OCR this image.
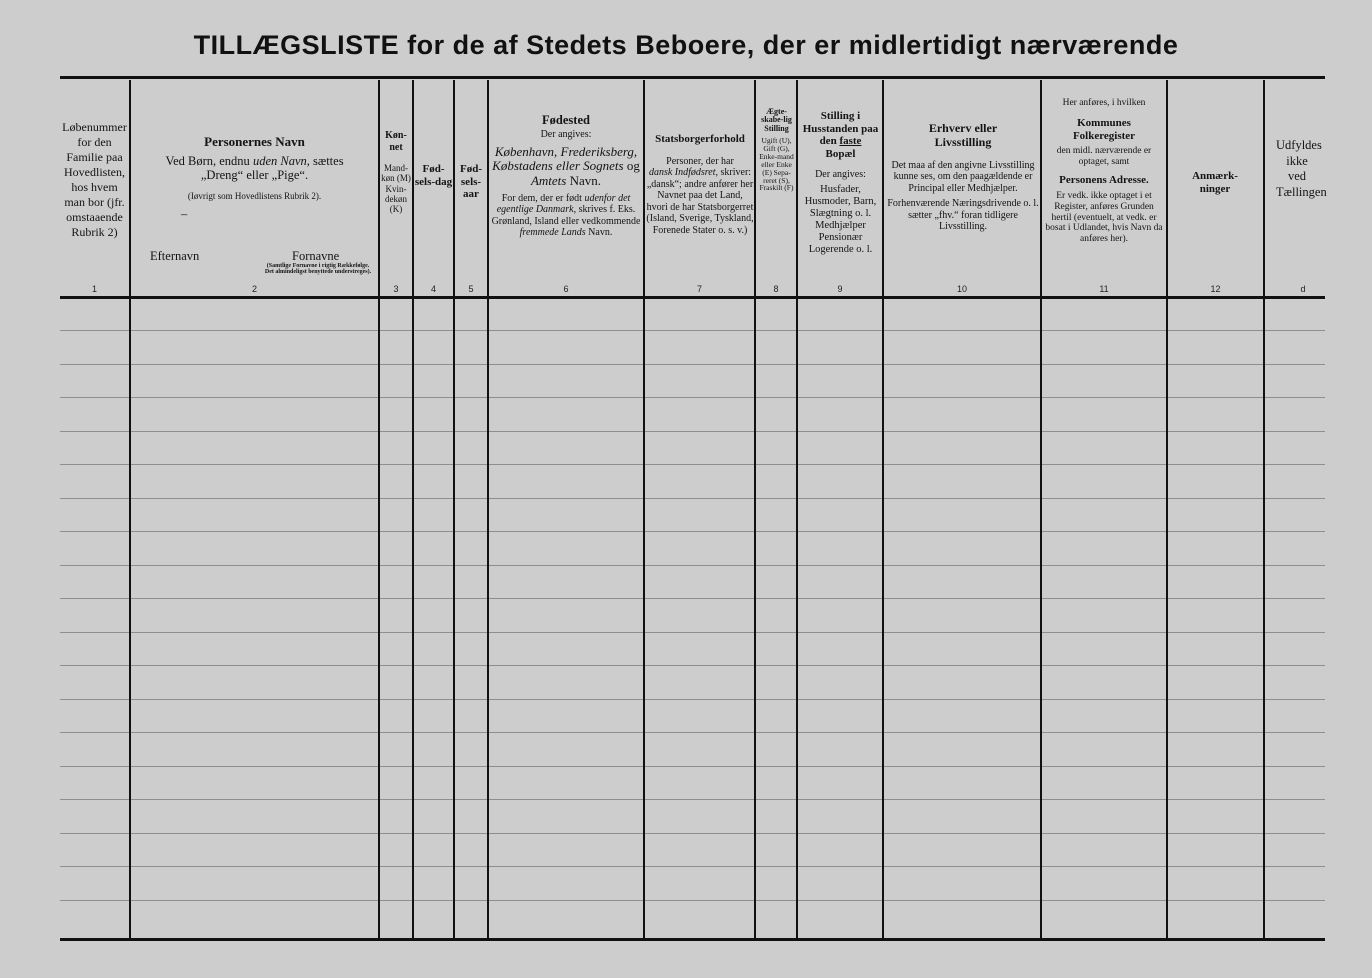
TILLÆGSLISTE for de af Stedets Beboere, der er midlertidigt nærværende
Løbenummer for den Familie paa Hovedlisten, hos hvem man bor (jfr. omstaaende Rubrik 2)
1
Personernes Navn
Ved Børn, endnu uden Navn, sættes
„Dreng“ eller „Pige“.
(Iøvrigt som Hovedlistens Rubrik 2).
–
Efternavn	Fornavne
(Samtlige Fornavne i rigtig Rækkefølge. Det almindeligst benyttede understreges).
2
Køn-net
Mand-køn (M) Kvin-dekøn (K)
3
Fød-sels-dag
4
Fød-sels-aar
5
Fødested
Der angives:
København, Frederiksberg, Købstadens eller Sognets og Amtets Navn.
For dem, der er født udenfor det egentlige Danmark, skrives f. Eks.
Grønland, Island eller vedkommende fremmede Lands Navn.
6
Statsborgerforhold
Personer, der har
dansk Indfødsret, skriver: „dansk“; andre anfører her Navnet paa det Land, hvori de har Statsborgerret (Island, Sverige, Tyskland, Forenede Stater o. s. v.)
7
Ægte-skabe-lig Stilling
Ugift (U), Gift (G), Enke-mand eller Enke (E) Sepa-reret (S), Fraskilt (F)
8
Stilling i Husstanden paa den faste
Bopæl
Der angives:
Husfader, Husmoder, Barn, Slægtning o. l. Medhjælper Pensionær Logerende o. l.
9
Erhverv eller Livsstilling
Det maa af den angivne Livsstilling kunne ses, om den paagældende er Principal eller Medhjælper.
Forhenværende Næringsdrivende o. l. sætter „fhv.“ foran tidligere Livsstilling.
10
Her anføres, i hvilken
Kommunes Folkeregister
den midl. nærværende er optaget, samt
Personens Adresse.
Er vedk. ikke optaget i et Register, anføres Grunden hertil (eventuelt, at vedk. er bosat i Udlandet, hvis Navn da anføres her).
11
Anmærk-ninger
12
Udfyldes ikke ved Tællingen
d
